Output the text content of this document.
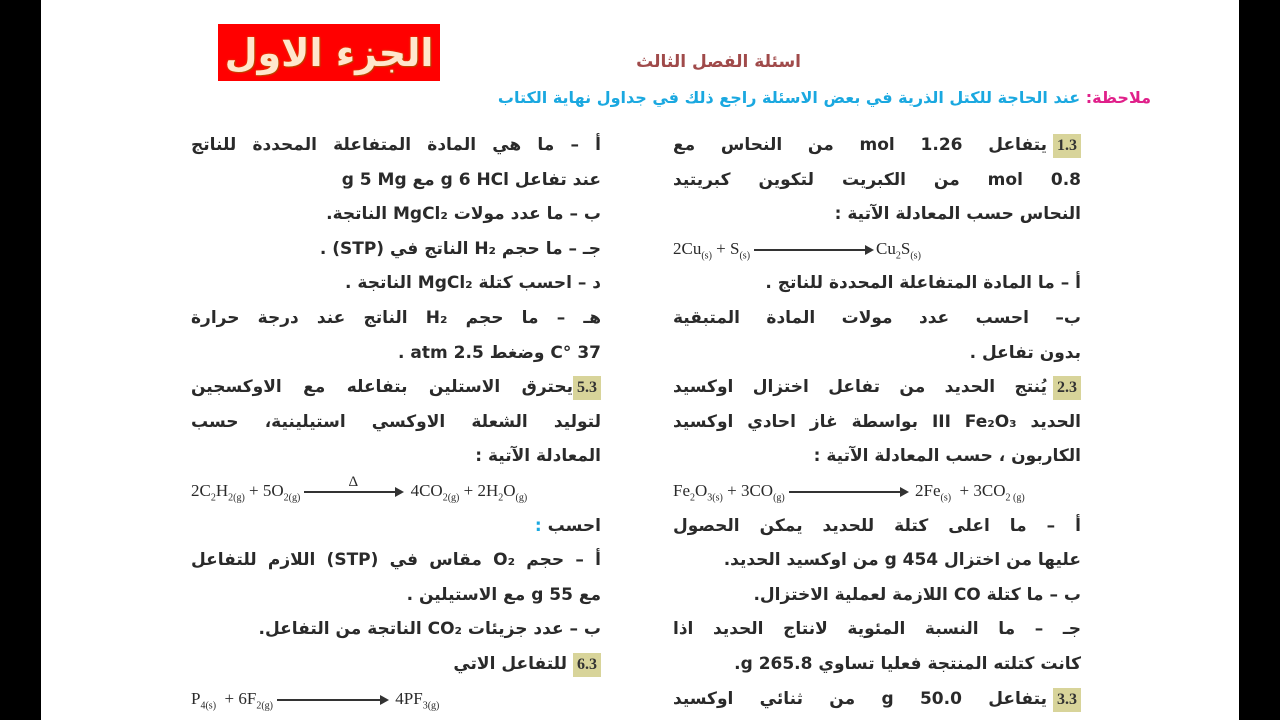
الجزء الاول	اسئلة الفصل الثالث
ملاحظة: عند الحاجة للكتل الذرية في بعض الاسئلة راجع ذلك في جداول نهاية الكتاب
1.3يتفاعل 1.26 mol من النحاس مع
0.8 mol من الكبريت لتكوين كبريتيد
النحاس حسب المعادلة الآتية :
$2Cu_{(s)} + S_{(s)}$	$Cu_2S_{(s)}$
أ – ما المادة المتفاعلة المحددة للناتج .
ب– احسب عدد مولات المادة المتبقية
بدون تفاعل .
2.3يُنتج الحديد من تفاعل اختزال اوكسيد
الحديد III Fe₂O₃ بواسطة غاز احادي اوكسيد
الكاربون ، حسب المعادلة الآتية :
$Fe_2O_{3(s)} + 3CO_{(g)}$	$2Fe_{(s)} + 3CO_{2 (g)}$
أ – ما اعلى كتلة للحديد يمكن الحصول
عليها من اختزال g 454 من اوكسيد الحديد.
ب – ما كتلة CO اللازمة لعملية الاختزال.
جـ – ما النسبة المئوية لانتاج الحديد اذا
كانت كتلته المنتجة فعليا تساوي g 265.8.
3.3يتفاعل g 50.0 من ثنائي اوكسيد
أ – ما هي المادة المتفاعلة المحددة للناتج
عند تفاعل g 6 HCl مع g 5 Mg
ب – ما عدد مولات MgCl₂ الناتجة.
جـ – ما حجم H₂ الناتج في (STP) .
د – احسب كتلة MgCl₂ الناتجة .
هـ – ما حجم H₂ الناتج عند درجة حرارة
37 °C وضغط 2.5 atm .
5.3يحترق الاستلين بتفاعله مع الاوكسجين
لتوليد الشعلة الاوكسي استيلينية، حسب
المعادلة الآتية :
$2C_2H_{2(g)} + 5O_{2(g)}$
Δ	$4CO_{2(g)} + 2H_2O_{(g)}$
احسب :
أ – حجم O₂ مقاس في (STP) اللازم للتفاعل
مع g 55 مع الاستيلين .
ب – عدد جزيئات CO₂ الناتجة من التفاعل.
6.3للتفاعل الاتي
$P_{4(s)} + 6F_{2(g)}$	$4PF_{3(g)}$
